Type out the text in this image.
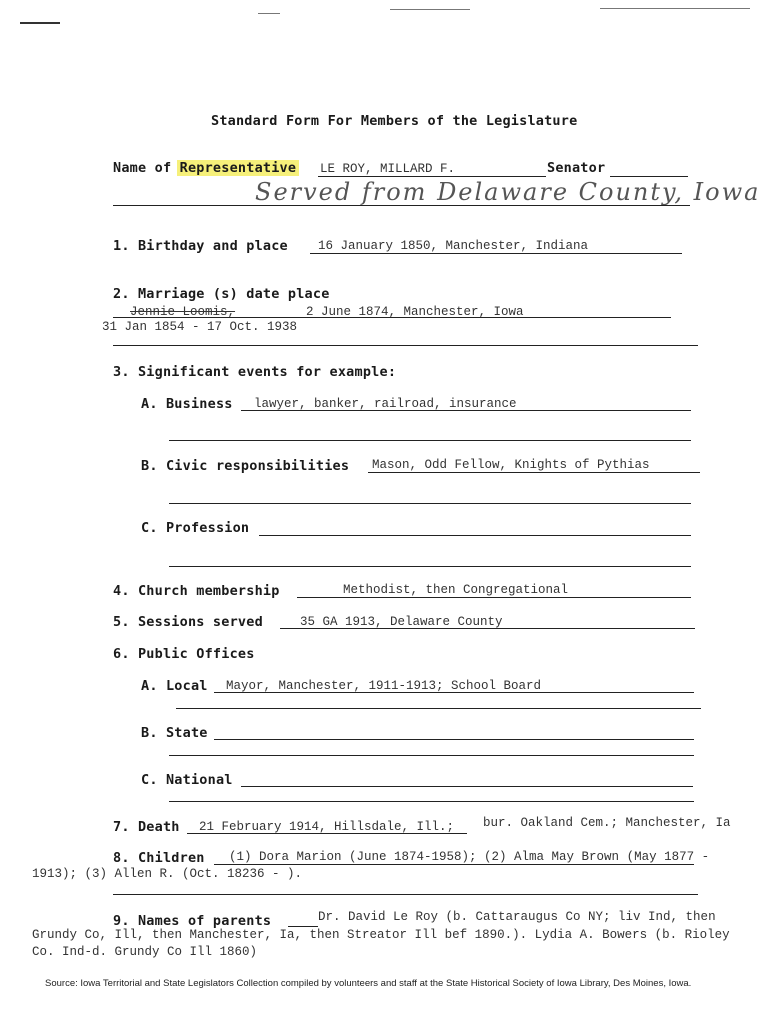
Standard Form For Members of the Legislature
Name of Representative LE ROY, MILLARD F.	Senator
Served from Delaware County, Iowa
1. Birthday and place 16 January 1850, Manchester, Indiana
2. Marriage (s) date place
Jennie Loomis,	2 June 1874, Manchester, Iowa
31 Jan 1854 - 17 Oct. 1938
3. Significant events for example:
A. Business lawyer, banker, railroad, insurance
B. Civic responsibilities Mason, Odd Fellow, Knights of Pythias
C. Profession
4. Church membership	Methodist, then Congregational
5. Sessions served	35 GA 1913, Delaware County
6. Public Offices
A. Local Mayor, Manchester, 1911-1913; School Board
B. State
C. National
7. Death 21 February 1914, Hillsdale, Ill.; bur. Oakland Cem.; Manchester, Ia
8. Children (1) Dora Marion (June 1874-1958); (2) Alma May Brown (May 1877 -
1913); (3) Allen R. (Oct. 18236 - ).
9. Names of parents	Dr. David Le Roy (b. Cattaraugus Co NY; liv Ind, then
Grundy Co, Ill, then Manchester, Ia, then Streator Ill bef 1890.). Lydia A. Bowers (b. Rioley
Co. Ind-d. Grundy Co Ill 1860)
Source: Iowa Territorial and State Legislators Collection compiled by volunteers and staff at the State Historical Society of Iowa Library, Des Moines, Iowa.
